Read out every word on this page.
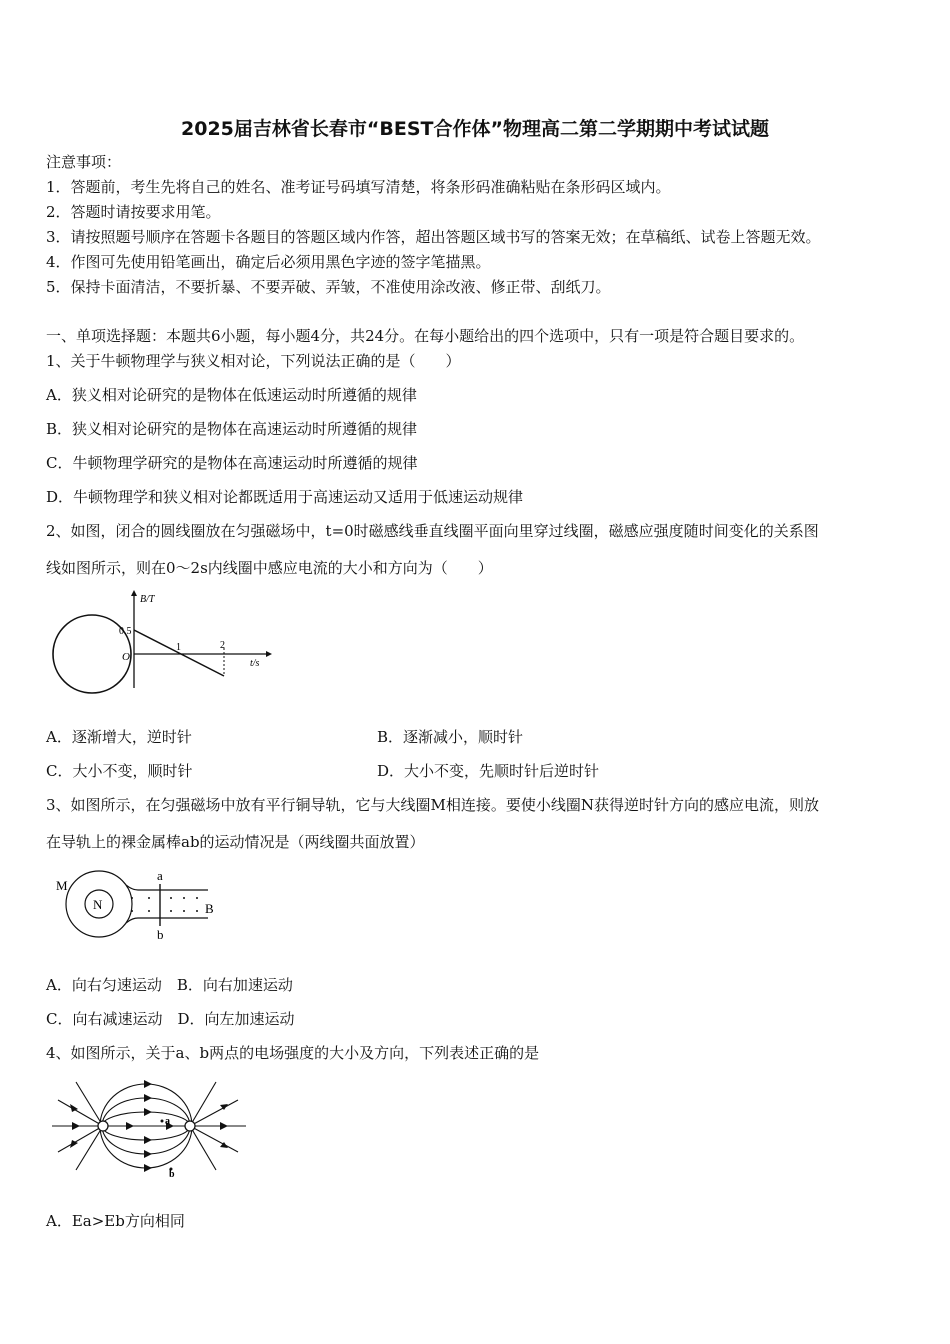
2025届吉林省长春市“BEST合作体”物理高二第二学期期中考试试题
注意事项：
1．答题前，考生先将自己的姓名、准考证号码填写清楚，将条形码准确粘贴在条形码区域内。
2．答题时请按要求用笔。
3．请按照题号顺序在答题卡各题目的答题区域内作答，超出答题区域书写的答案无效；在草稿纸、试卷上答题无效。
4．作图可先使用铅笔画出，确定后必须用黑色字迹的签字笔描黑。
5．保持卡面清洁，不要折暴、不要弄破、弄皱，不准使用涂改液、修正带、刮纸刀。
一、单项选择题：本题共6小题，每小题4分，共24分。在每小题给出的四个选项中，只有一项是符合题目要求的。
1、关于牛顿物理学与狭义相对论，下列说法正确的是（　　）
A．狭义相对论研究的是物体在低速运动时所遵循的规律
B．狭义相对论研究的是物体在高速运动时所遵循的规律
C．牛顿物理学研究的是物体在高速运动时所遵循的规律
D．牛顿物理学和狭义相对论都既适用于高速运动又适用于低速运动规律
2、如图，闭合的圆线圈放在匀强磁场中，t=0时磁感线垂直线圈平面向里穿过线圈，磁感应强度随时间变化的关系图
线如图所示，则在0～2s内线圈中感应电流的大小和方向为（　　）
B/T
0.5
O
1	2
t/s
A．逐渐增大，逆时针	B．逐渐减小，顺时针
C．大小不变，顺时针	D．大小不变，先顺时针后逆时针
3、如图所示，在匀强磁场中放有平行铜导轨，它与大线圈M相连接。要使小线圈N获得逆时针方向的感应电流，则放
在导轨上的裸金属棒ab的运动情况是（两线圈共面放置）
M
N
a
b
B
A．向右匀速运动　B．向右加速运动
C．向右减速运动　D．向左加速运动
4、如图所示，关于a、b两点的电场强度的大小及方向，下列表述正确的是
a
b
A．Ea>Eb方向相同
